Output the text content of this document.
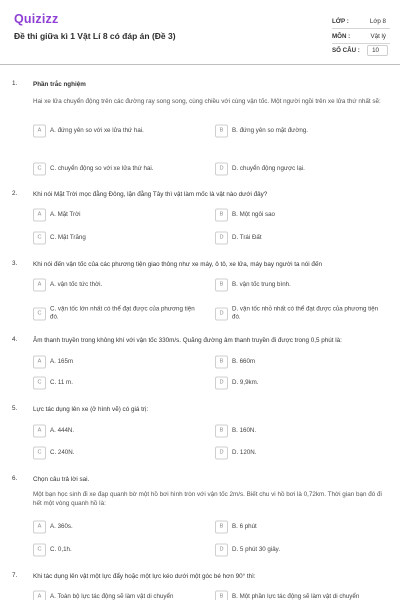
Quizizz
Đề thi giữa kì 1 Vật Lí 8 có đáp án (Đề 3)
LỚP :	Lớp 8
MÔN :	Vật lý
SỐ CÂU :	10
1. Phần trắc nghiệm
Hai xe lửa chuyển động trên các đường ray song song, cùng chiều với cùng vận tốc. Một người ngồi trên xe lửa thứ nhất sẽ:
A	A. đứng yên so với xe lửa thứ hai.	B	B. đứng yên so mặt đường.
C	C. chuyển động so với xe lửa thứ hai.	D	D. chuyển động ngược lại.
2. Khi nói Mặt Trời mọc đằng Đông, lặn đằng Tây thì vật làm mốc là vật nào dưới đây?
A	A. Mặt Trời	B	B. Một ngôi sao
C	C. Mặt Trăng	D	D. Trái Đất
3. Khi nói đến vận tốc của các phương tiện giao thông như xe máy, ô tô, xe lửa, máy bay người ta nói đến
A	A. vận tốc tức thời.	B	B. vận tốc trung bình.
C
C. vận tốc lớn nhất có thể đạt được của phương tiện đó.
D
D. vận tốc nhỏ nhất có thể đạt được của phương tiện đó.
4. Âm thanh truyền trong không khí với vận tốc 330m/s. Quãng đường âm thanh truyền đi được trong 0,5 phút là:
A	A. 165m	B	B. 660m
C	C. 11 m.	D	D. 9,9km.
5. Lực tác dụng lên xe (ở hình vẽ) có giá trị:
A	A. 444N.	B	B. 160N.
C	C. 240N.	D	D. 120N.
6. Chọn câu trả lời sai.
Một bạn học sinh đi xe đạp quanh bờ một hồ bơi hình tròn với vận tốc 2m/s. Biết chu vi hồ bơi là 0,72km. Thời gian bạn đó đi hết một vòng quanh hồ là:
A	A. 360s.	B	B. 6 phút
C	C. 0,1h.	D	D. 5 phút 30 giây.
7. Khi tác dụng lên vật một lực đẩy hoặc một lực kéo dưới một góc bé hơn 90° thì:
A	A. Toàn bộ lực tác động sẽ làm vật di chuyển	B	B. Một phần lực tác động sẽ làm vật di chuyển
